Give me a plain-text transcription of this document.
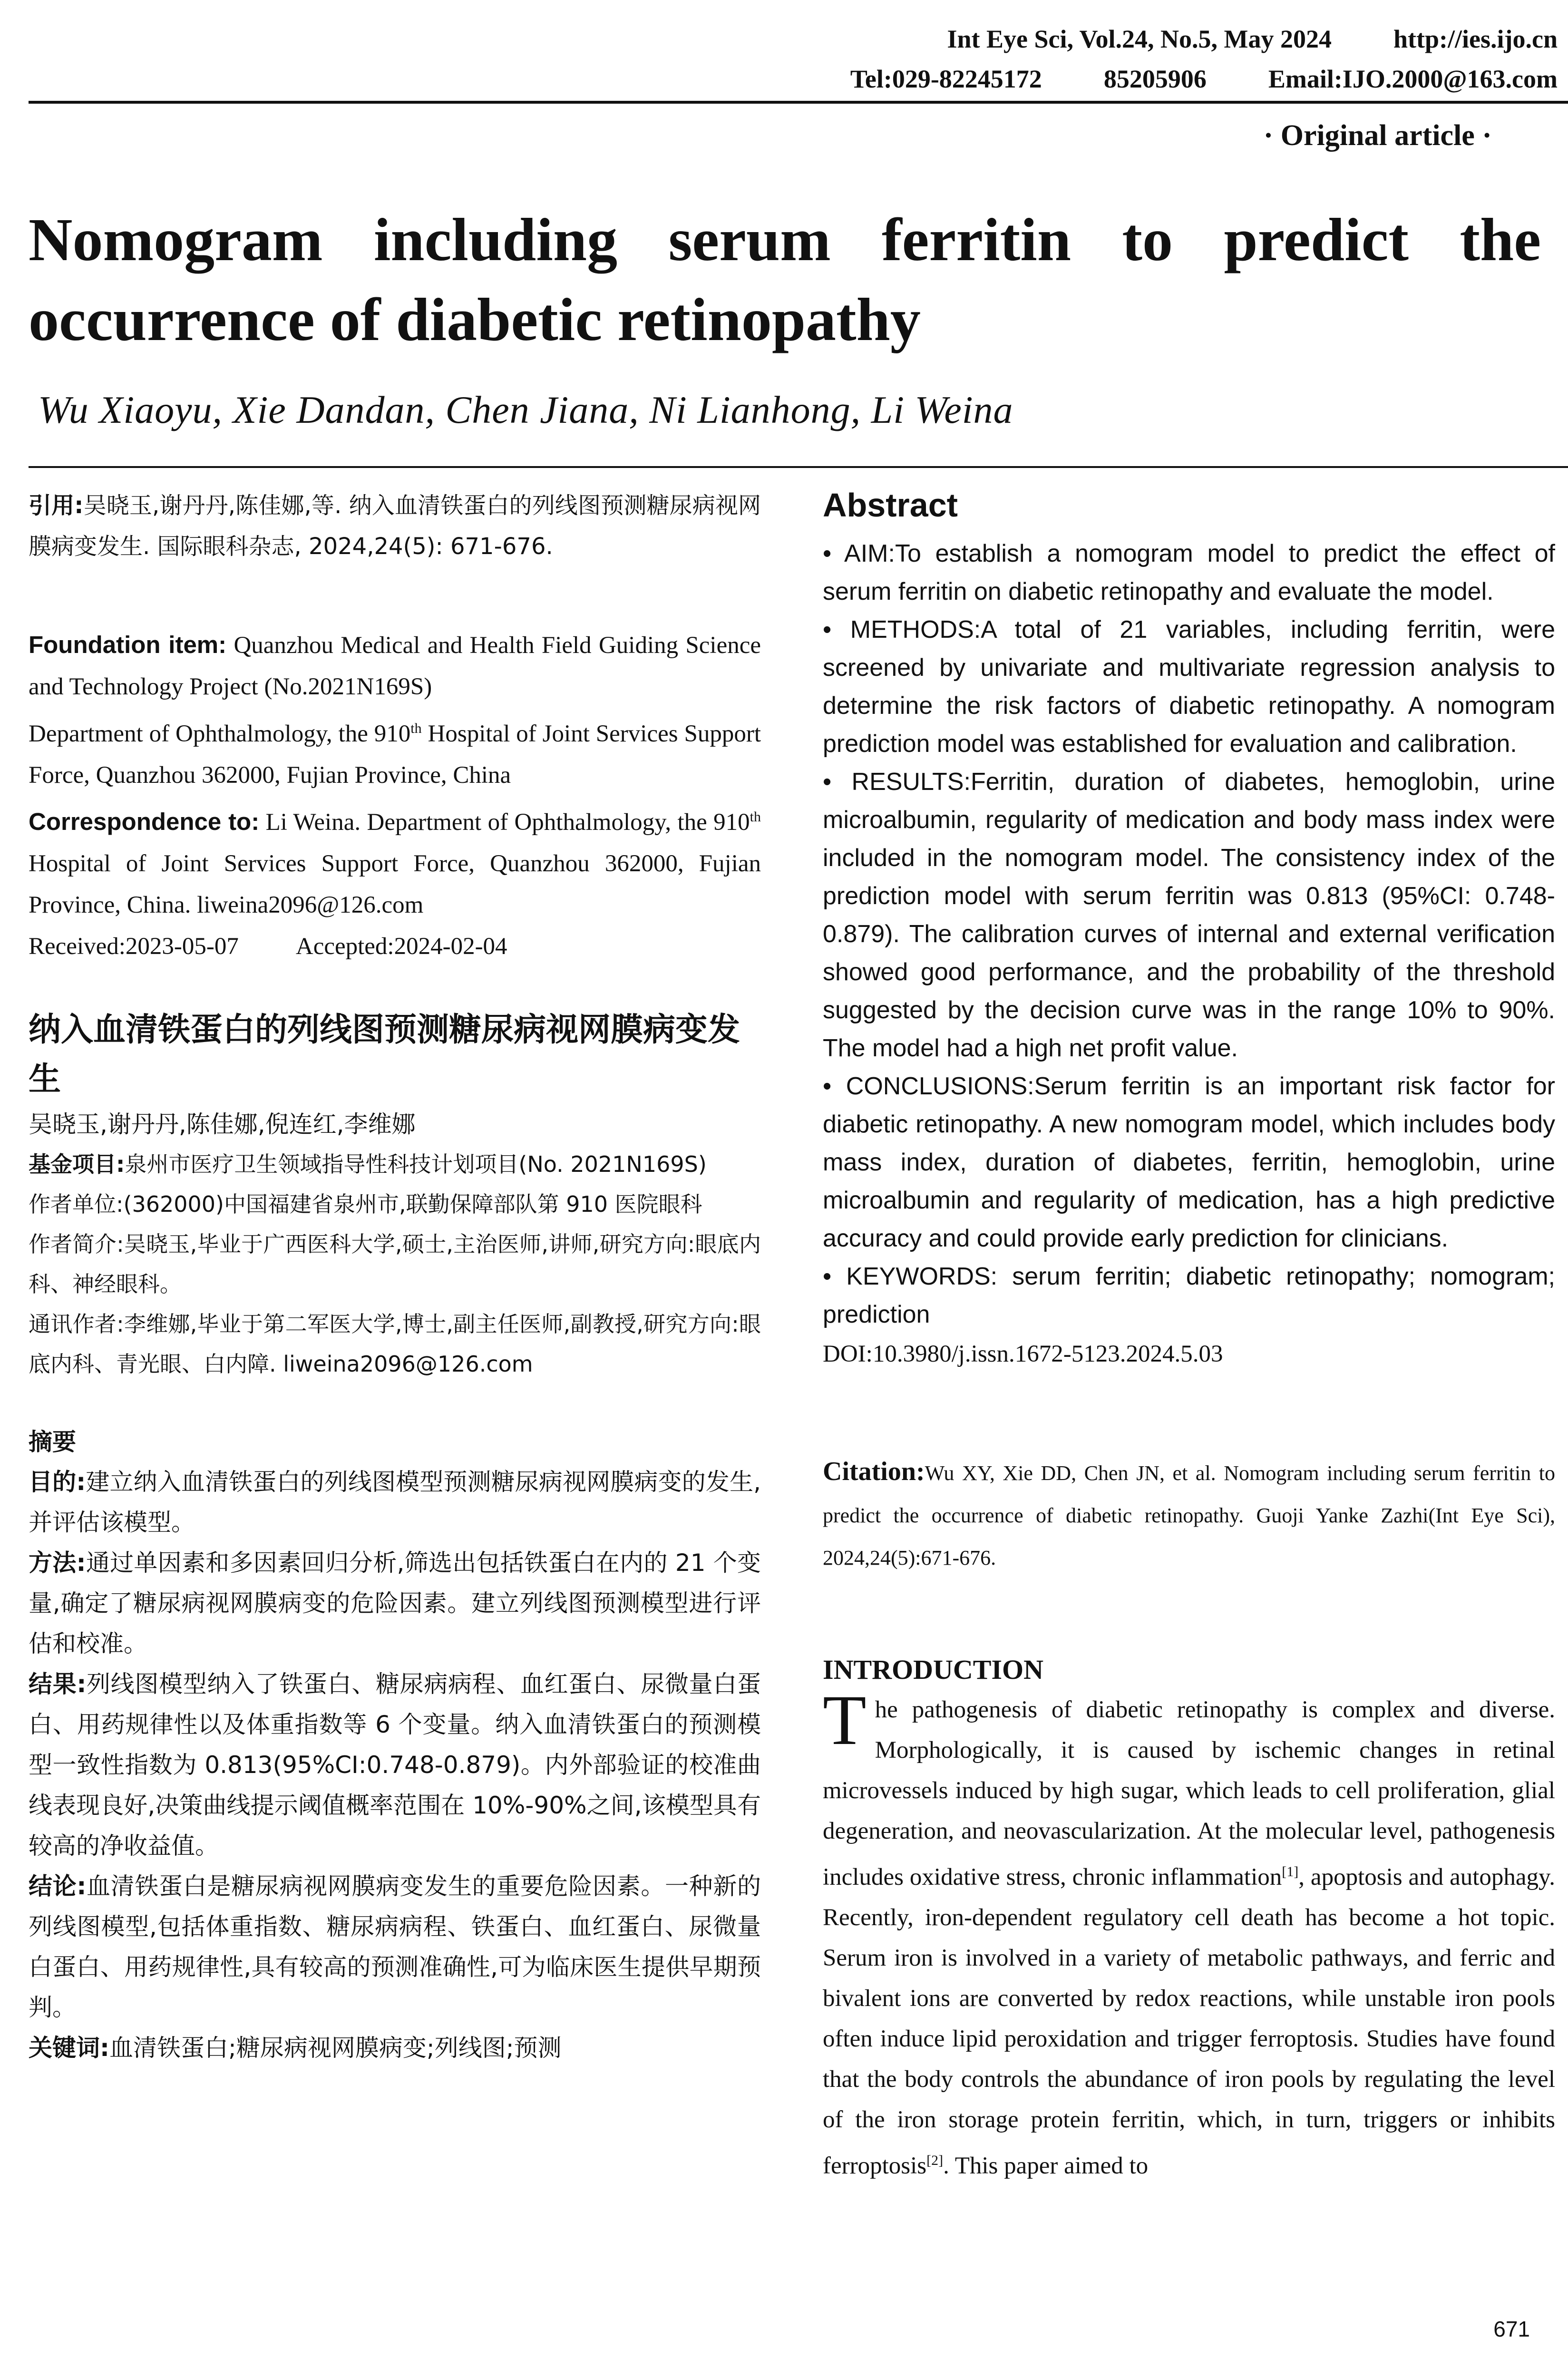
Int Eye Sci, Vol.24, No.5, May 2024 http://ies.ijo.cn
Tel:029-82245172 85205906 Email:IJO.2000@163.com
· Original article ·
Nomogram including serum ferritin to predict the occurrence of diabetic retinopathy
Wu Xiaoyu, Xie Dandan, Chen Jiana, Ni Lianhong, Li Weina

引用:吴晓玉,谢丹丹,陈佳娜,等. 纳入血清铁蛋白的列线图预测糖尿病视网膜病变发生. 国际眼科杂志, 2024,24(5): 671-676.

Foundation item: Quanzhou Medical and Health Field Guiding Science and Technology Project (No.2021N169S)

Department of Ophthalmology, the 910th Hospital of Joint Services Support Force, Quanzhou 362000, Fujian Province, China

Correspondence to: Li Weina. Department of Ophthalmology, the 910th Hospital of Joint Services Support Force, Quanzhou 362000, Fujian Province, China. liweina2096@126.com

Received:2023-05-07 Accepted:2024-02-04

纳入血清铁蛋白的列线图预测糖尿病视网膜病变发生

吴晓玉,谢丹丹,陈佳娜,倪连红,李维娜

基金项目:泉州市医疗卫生领域指导性科技计划项目(No. 2021N169S)

作者单位:(362000)中国福建省泉州市,联勤保障部队第 910 医院眼科

作者简介:吴晓玉,毕业于广西医科大学,硕士,主治医师,讲师,研究方向:眼底内科、神经眼科。

通讯作者:李维娜,毕业于第二军医大学,博士,副主任医师,副教授,研究方向:眼底内科、青光眼、白内障. liweina2096@126.com

摘要

目的:建立纳入血清铁蛋白的列线图模型预测糖尿病视网膜病变的发生,并评估该模型。

方法:通过单因素和多因素回归分析,筛选出包括铁蛋白在内的 21 个变量,确定了糖尿病视网膜病变的危险因素。建立列线图预测模型进行评估和校准。

结果:列线图模型纳入了铁蛋白、糖尿病病程、血红蛋白、尿微量白蛋白、用药规律性以及体重指数等 6 个变量。纳入血清铁蛋白的预测模型一致性指数为 0.813(95%CI:0.748-0.879)。内外部验证的校准曲线表现良好,决策曲线提示阈值概率范围在 10%-90%之间,该模型具有较高的净收益值。

结论:血清铁蛋白是糖尿病视网膜病变发生的重要危险因素。一种新的列线图模型,包括体重指数、糖尿病病程、铁蛋白、血红蛋白、尿微量白蛋白、用药规律性,具有较高的预测准确性,可为临床医生提供早期预判。

关键词:血清铁蛋白;糖尿病视网膜病变;列线图;预测

Abstract

• AIM:To establish a nomogram model to predict the effect of serum ferritin on diabetic retinopathy and evaluate the model.

• METHODS:A total of 21 variables, including ferritin, were screened by univariate and multivariate regression analysis to determine the risk factors of diabetic retinopathy. A nomogram prediction model was established for evaluation and calibration.

• RESULTS:Ferritin, duration of diabetes, hemoglobin, urine microalbumin, regularity of medication and body mass index were included in the nomogram model. The consistency index of the prediction model with serum ferritin was 0.813 (95%CI: 0.748-0.879). The calibration curves of internal and external verification showed good performance, and the probability of the threshold suggested by the decision curve was in the range 10% to 90%. The model had a high net profit value.

• CONCLUSIONS:Serum ferritin is an important risk factor for diabetic retinopathy. A new nomogram model, which includes body mass index, duration of diabetes, ferritin, hemoglobin, urine microalbumin and regularity of medication, has a high predictive accuracy and could provide early prediction for clinicians.

• KEYWORDS: serum ferritin; diabetic retinopathy; nomogram; prediction

DOI:10.3980/j.issn.1672-5123.2024.5.03

Citation:Wu XY, Xie DD, Chen JN, et al. Nomogram including serum ferritin to predict the occurrence of diabetic retinopathy. Guoji Yanke Zazhi(Int Eye Sci), 2024,24(5):671-676.

INTRODUCTION

The pathogenesis of diabetic retinopathy is complex and diverse. Morphologically, it is caused by ischemic changes in retinal microvessels induced by high sugar, which leads to cell proliferation, glial degeneration, and neovascularization. At the molecular level, pathogenesis includes oxidative stress, chronic inflammation[1], apoptosis and autophagy. Recently, iron-dependent regulatory cell death has become a hot topic. Serum iron is involved in a variety of metabolic pathways, and ferric and bivalent ions are converted by redox reactions, while unstable iron pools often induce lipid peroxidation and trigger ferroptosis. Studies have found that the body controls the abundance of iron pools by regulating the level of the iron storage protein ferritin, which, in turn, triggers or inhibits ferroptosis[2]. This paper aimed to

671
